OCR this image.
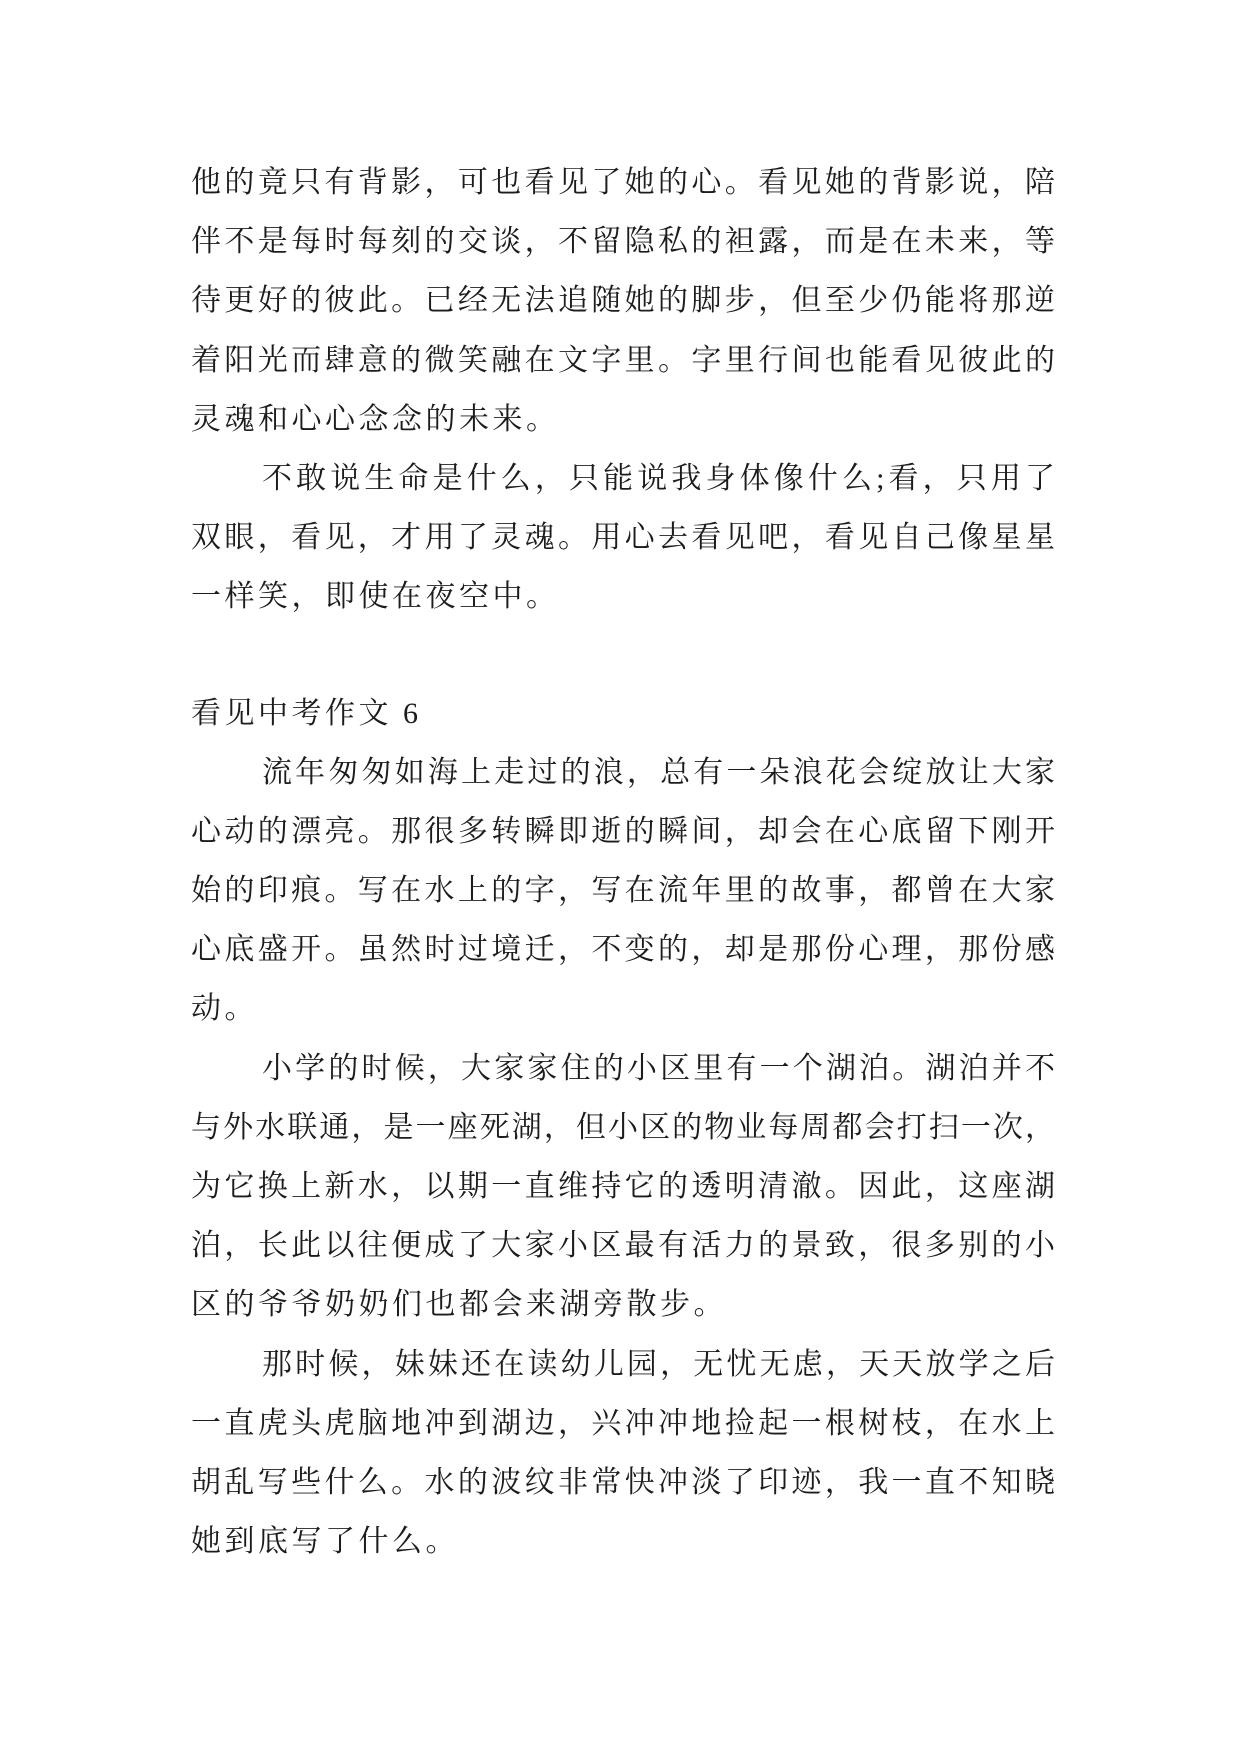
他的竟只有背影，可也看见了她的心。看见她的背影说，陪
伴不是每时每刻的交谈，不留隐私的袒露，而是在未来，等
待更好的彼此。已经无法追随她的脚步，但至少仍能将那逆
着阳光而肆意的微笑融在文字里。字里行间也能看见彼此的
灵魂和心心念念的未来。
不敢说生命是什么，只能说我身体像什么;看，只用了
双眼，看见，才用了灵魂。用心去看见吧，看见自己像星星
一样笑，即使在夜空中。
看见中考作文 6
流年匆匆如海上走过的浪，总有一朵浪花会绽放让大家
心动的漂亮。那很多转瞬即逝的瞬间，却会在心底留下刚开
始的印痕。写在水上的字，写在流年里的故事，都曾在大家
心底盛开。虽然时过境迁，不变的，却是那份心理，那份感
动。
小学的时候，大家家住的小区里有一个湖泊。湖泊并不
与外水联通，是一座死湖，但小区的物业每周都会打扫一次，
为它换上新水，以期一直维持它的透明清澈。因此，这座湖
泊，长此以往便成了大家小区最有活力的景致，很多别的小
区的爷爷奶奶们也都会来湖旁散步。
那时候，妹妹还在读幼儿园，无忧无虑，天天放学之后
一直虎头虎脑地冲到湖边，兴冲冲地捡起一根树枝，在水上
胡乱写些什么。水的波纹非常快冲淡了印迹，我一直不知晓
她到底写了什么。
